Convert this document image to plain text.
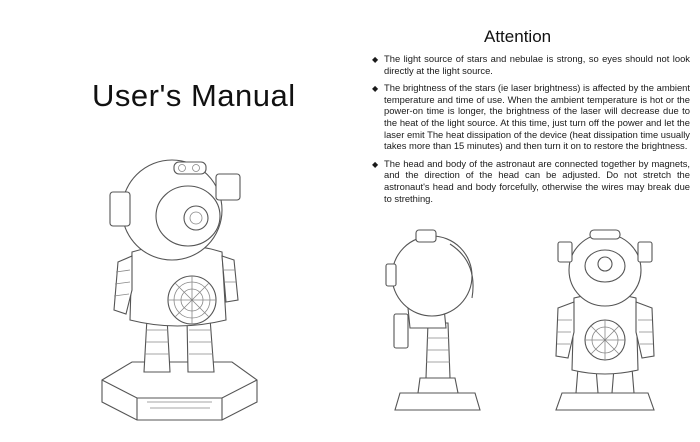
User's Manual
Attention
◆ The light source of stars and nebulae is strong, so eyes should not look directly at the light source.
◆ The brightness of the stars (ie laser brightness) is affected by the ambient temperature and time of use. When the ambient temperature is hot or the power-on time is longer, the brightness of the laser will decrease due to the heat of the light source. At this time, just turn off the power and let the laser emit The heat dissipation of the device (heat dissipation time usually takes more than 15 minutes) and then turn it on to restore the brightness.
◆ The head and body of the astronaut are connected together by magnets, and the direction of the head can be adjusted. Do not stretch the astronaut's head and body forcefully, otherwise the wires may break due to strething.
